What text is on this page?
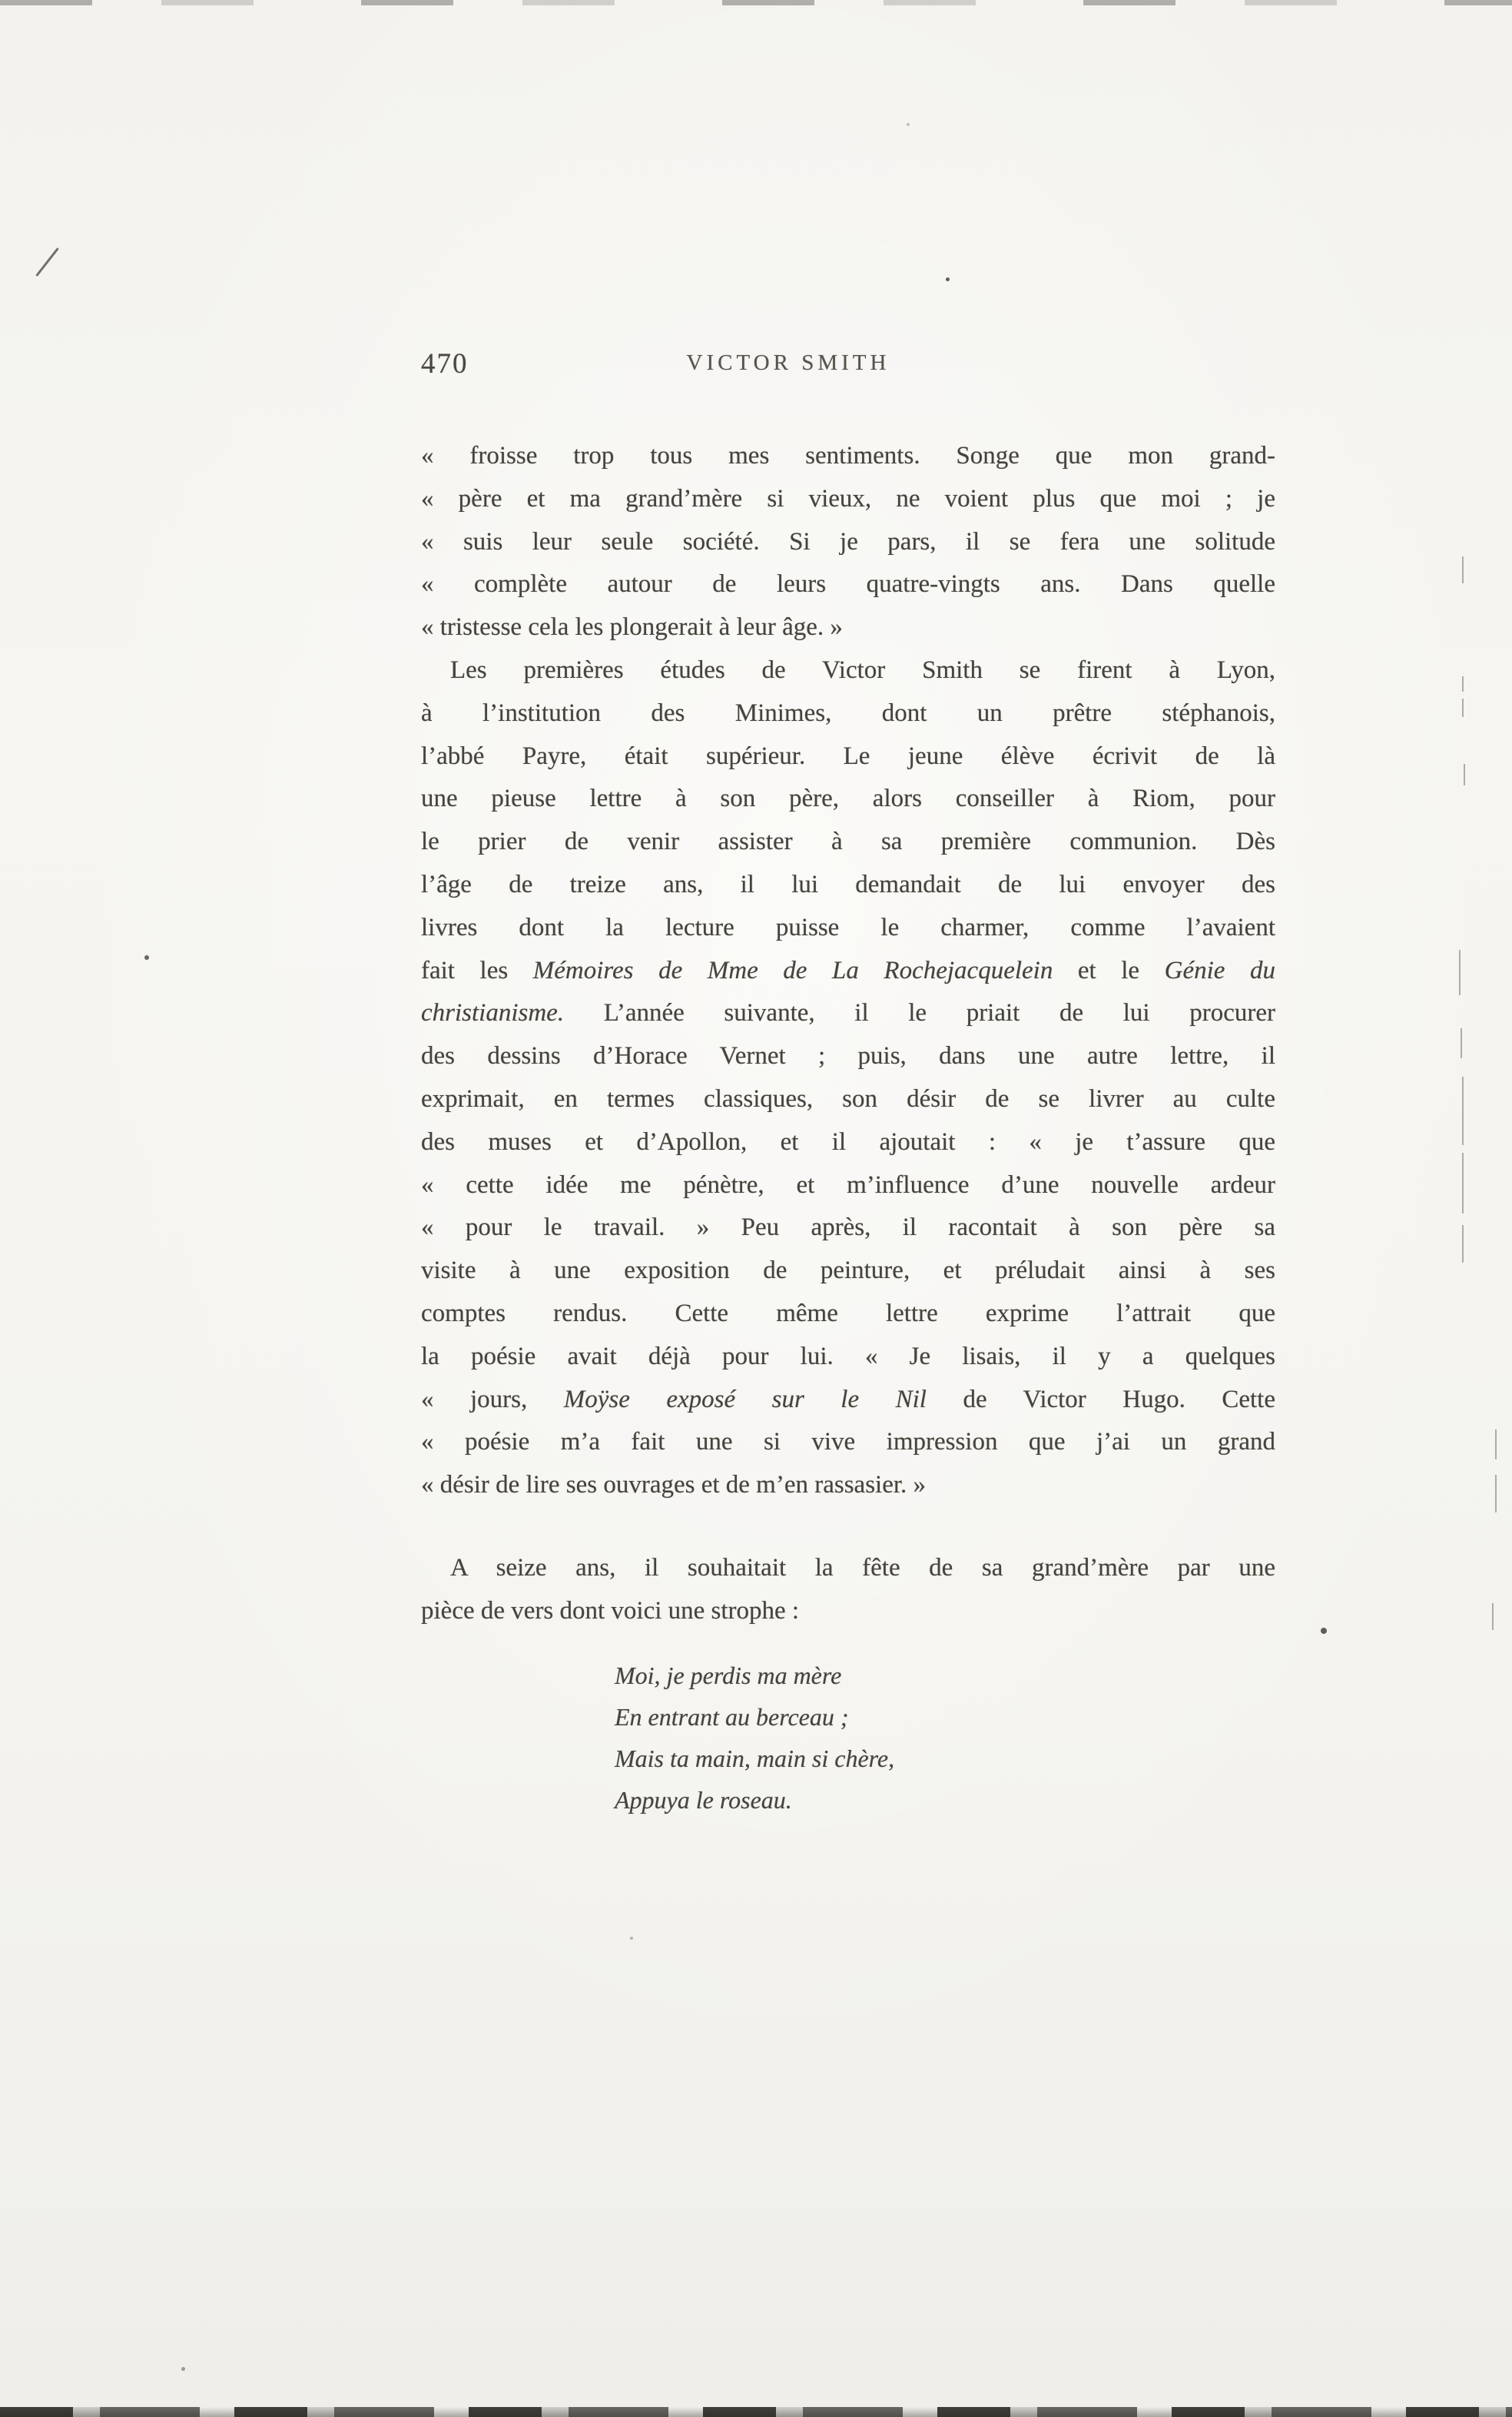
470	VICTOR SMITH
« froisse trop tous mes sentiments. Songe que mon grand-
« père et ma grand’mère si vieux, ne voient plus que moi ; je
« suis leur seule société. Si je pars, il se fera une solitude
« complète autour de leurs quatre-vingts ans. Dans quelle
« tristesse cela les plongerait à leur âge. »
Les premières études de Victor Smith se firent à Lyon,
à l’institution des Minimes, dont un prêtre stéphanois,
l’abbé Payre, était supérieur. Le jeune élève écrivit de là
une pieuse lettre à son père, alors conseiller à Riom, pour
le prier de venir assister à sa première communion. Dès
l’âge de treize ans, il lui demandait de lui envoyer des
livres dont la lecture puisse le charmer, comme l’avaient
fait les Mémoires de Mme de La Rochejacquelein et le Génie du
christianisme. L’année suivante, il le priait de lui procurer
des dessins d’Horace Vernet ; puis, dans une autre lettre, il
exprimait, en termes classiques, son désir de se livrer au culte
des muses et d’Apollon, et il ajoutait : « je t’assure que
« cette idée me pénètre, et m’influence d’une nouvelle ardeur
« pour le travail. » Peu après, il racontait à son père sa
visite à une exposition de peinture, et préludait ainsi à ses
comptes rendus. Cette même lettre exprime l’attrait que
la poésie avait déjà pour lui. « Je lisais, il y a quelques
« jours, Moÿse exposé sur le Nil de Victor Hugo. Cette
« poésie m’a fait une si vive impression que j’ai un grand
« désir de lire ses ouvrages et de m’en rassasier. »
A seize ans, il souhaitait la fête de sa grand’mère par une
pièce de vers dont voici une strophe :
Moi, je perdis ma mère
En entrant au berceau ;
Mais ta main, main si chère,
Appuya le roseau.
